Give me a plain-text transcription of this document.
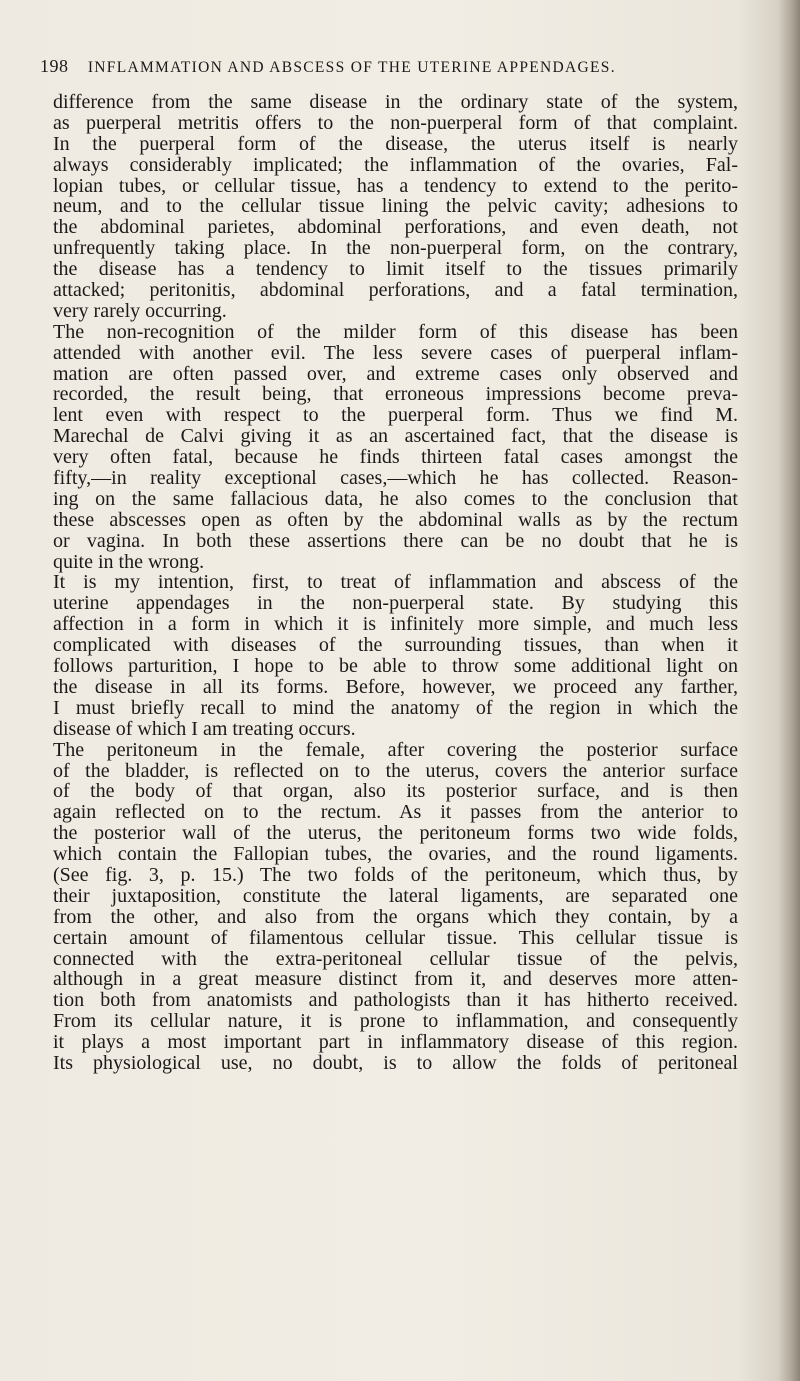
198 INFLAMMATION AND ABSCESS OF THE UTERINE APPENDAGES.
difference from the same disease in the ordinary state of the system,
as puerperal metritis offers to the non-puerperal form of that complaint.
In the puerperal form of the disease, the uterus itself is nearly
always considerably implicated; the inflammation of the ovaries, Fal-
lopian tubes, or cellular tissue, has a tendency to extend to the perito-
neum, and to the cellular tissue lining the pelvic cavity; adhesions to
the abdominal parietes, abdominal perforations, and even death, not
unfrequently taking place. In the non-puerperal form, on the contrary,
the disease has a tendency to limit itself to the tissues primarily
attacked; peritonitis, abdominal perforations, and a fatal termination,
very rarely occurring.
The non-recognition of the milder form of this disease has been
attended with another evil. The less severe cases of puerperal inflam-
mation are often passed over, and extreme cases only observed and
recorded, the result being, that erroneous impressions become preva-
lent even with respect to the puerperal form. Thus we find M.
Marechal de Calvi giving it as an ascertained fact, that the disease is
very often fatal, because he finds thirteen fatal cases amongst the
fifty,—in reality exceptional cases,—which he has collected. Reason-
ing on the same fallacious data, he also comes to the conclusion that
these abscesses open as often by the abdominal walls as by the rectum
or vagina. In both these assertions there can be no doubt that he is
quite in the wrong.
It is my intention, first, to treat of inflammation and abscess of the
uterine appendages in the non-puerperal state. By studying this
affection in a form in which it is infinitely more simple, and much less
complicated with diseases of the surrounding tissues, than when it
follows parturition, I hope to be able to throw some additional light on
the disease in all its forms. Before, however, we proceed any farther,
I must briefly recall to mind the anatomy of the region in which the
disease of which I am treating occurs.
The peritoneum in the female, after covering the posterior surface
of the bladder, is reflected on to the uterus, covers the anterior surface
of the body of that organ, also its posterior surface, and is then
again reflected on to the rectum. As it passes from the anterior to
the posterior wall of the uterus, the peritoneum forms two wide folds,
which contain the Fallopian tubes, the ovaries, and the round ligaments.
(See fig. 3, p. 15.) The two folds of the peritoneum, which thus, by
their juxtaposition, constitute the lateral ligaments, are separated one
from the other, and also from the organs which they contain, by a
certain amount of filamentous cellular tissue. This cellular tissue is
connected with the extra-peritoneal cellular tissue of the pelvis,
although in a great measure distinct from it, and deserves more atten-
tion both from anatomists and pathologists than it has hitherto received.
From its cellular nature, it is prone to inflammation, and consequently
it plays a most important part in inflammatory disease of this region.
Its physiological use, no doubt, is to allow the folds of peritoneal
